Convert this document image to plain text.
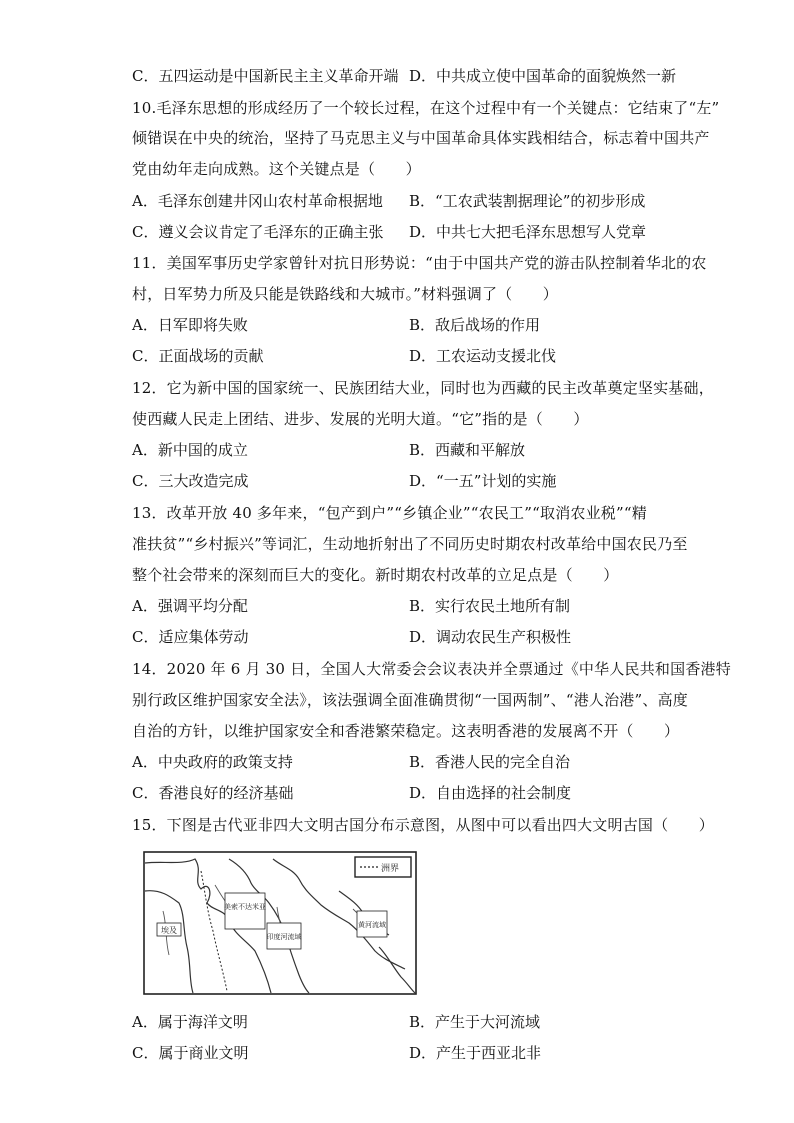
C．五四运动是中国新民主主义革命开端 D．中共成立使中国革命的面貌焕然一新
10.毛泽东思想的形成经历了一个较长过程，在这个过程中有一个关键点：它结束了“左”
倾错误在中央的统治，坚持了马克思主义与中国革命具体实践相结合，标志着中国共产
党由幼年走向成熟。这个关键点是（　　）
A．毛泽东创建井冈山农村革命根据地 B．“工农武装割据理论”的初步形成
C．遵义会议肯定了毛泽东的正确主张 D．中共七大把毛泽东思想写人党章
11．美国军事历史学家曾针对抗日形势说：“由于中国共产党的游击队控制着华北的农
村，日军势力所及只能是铁路线和大城市。”材料强调了（　　）
A．日军即将失败	B．敌后战场的作用
C．正面战场的贡献	D．工农运动支援北伐
12．它为新中国的国家统一、民族团结大业，同时也为西藏的民主改革奠定坚实基础，
使西藏人民走上团结、进步、发展的光明大道。“它”指的是（　　）
A．新中国的成立	B．西藏和平解放
C．三大改造完成	D．“一五”计划的实施
13．改革开放 40 多年来，“包产到户”“乡镇企业”“农民工”“取消农业税”“精
准扶贫”“乡村振兴”等词汇，生动地折射出了不同历史时期农村改革给中国农民乃至
整个社会带来的深刻而巨大的变化。新时期农村改革的立足点是（　　）
A．强调平均分配	B．实行农民土地所有制
C．适应集体劳动	D．调动农民生产积极性
14．2020 年 6 月 30 日，全国人大常委会会议表决并全票通过《中华人民共和国香港特
别行政区维护国家安全法》，该法强调全面准确贯彻“一国两制”、“港人治港”、高度
自治的方针，以维护国家安全和香港繁荣稳定。这表明香港的发展离不开（　　）
A．中央政府的政策支持	B．香港人民的完全自治
C．香港良好的经济基础	D．自由选择的社会制度
15．下图是古代亚非四大文明古国分布示意图，从图中可以看出四大文明古国（　　）
洲界
埃及
美索不达米亚
印度河流域
黄河流域
A．属于海洋文明	B．产生于大河流域
C．属于商业文明	D．产生于西亚北非
